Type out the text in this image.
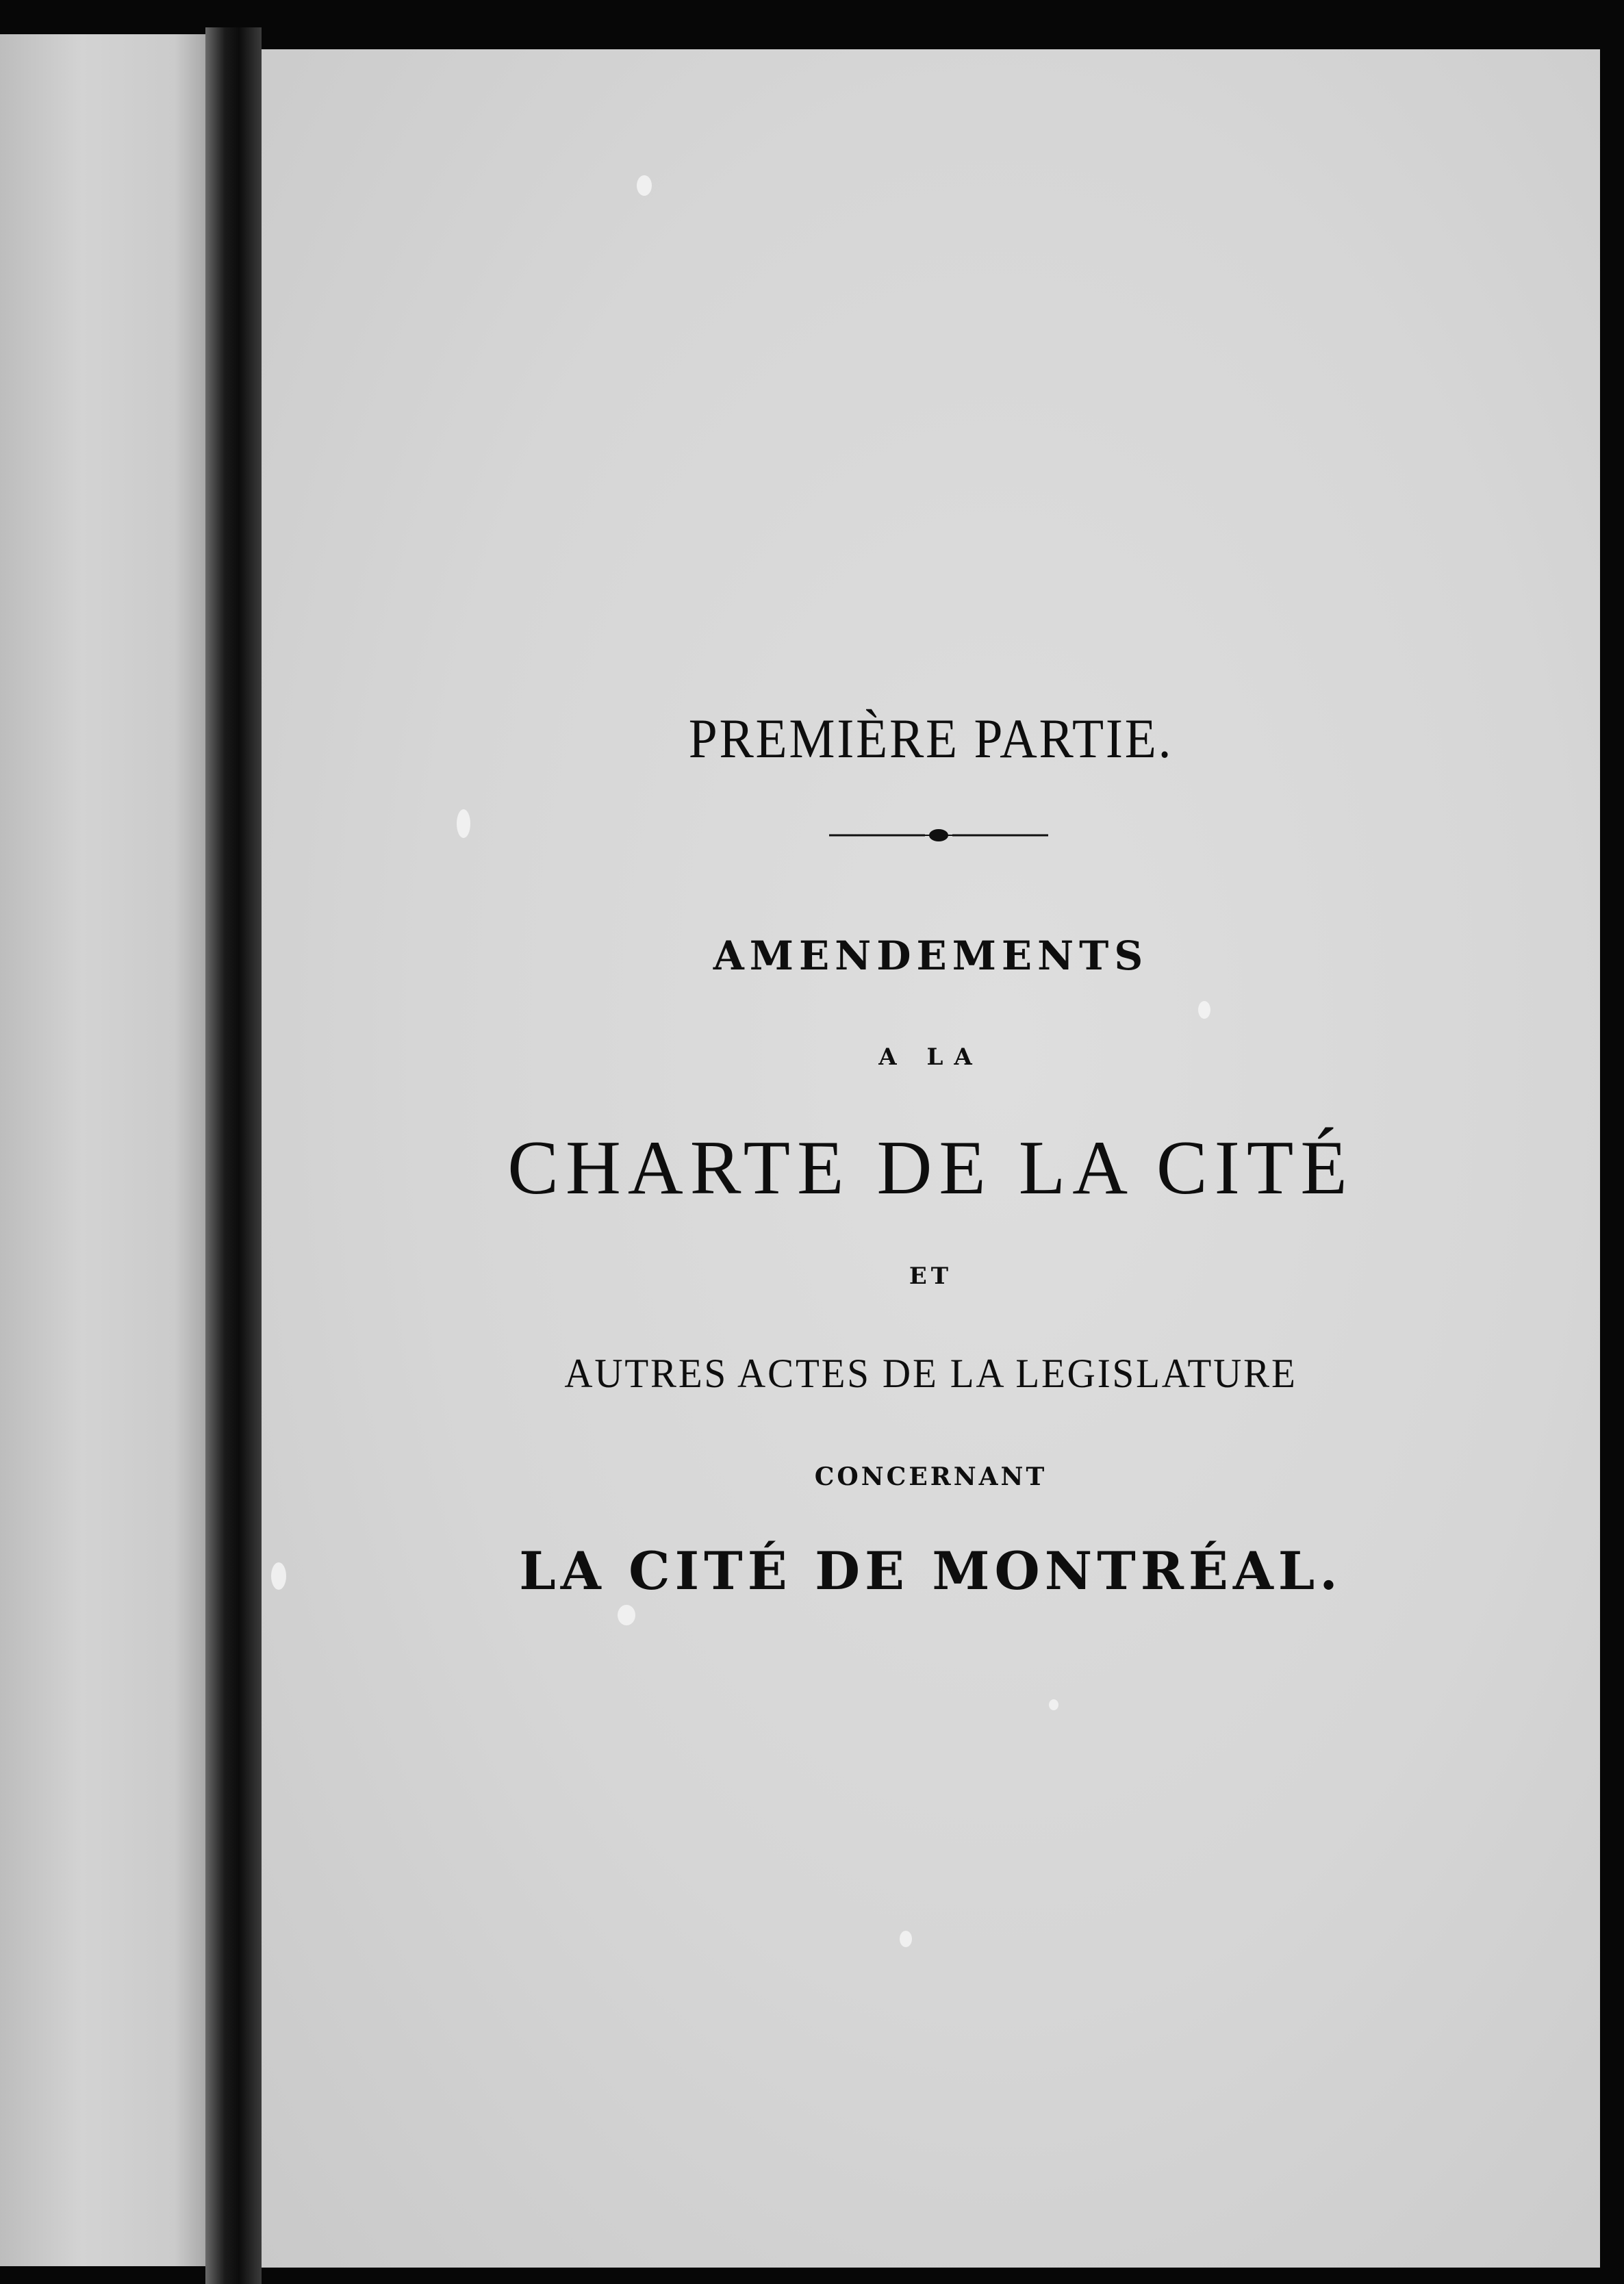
PREMIÈRE PARTIE.
AMENDEMENTS
A LA
CHARTE DE LA CITÉ
ET
AUTRES ACTES DE LA LEGISLATURE
CONCERNANT
LA CITÉ DE MONTRÉAL.
